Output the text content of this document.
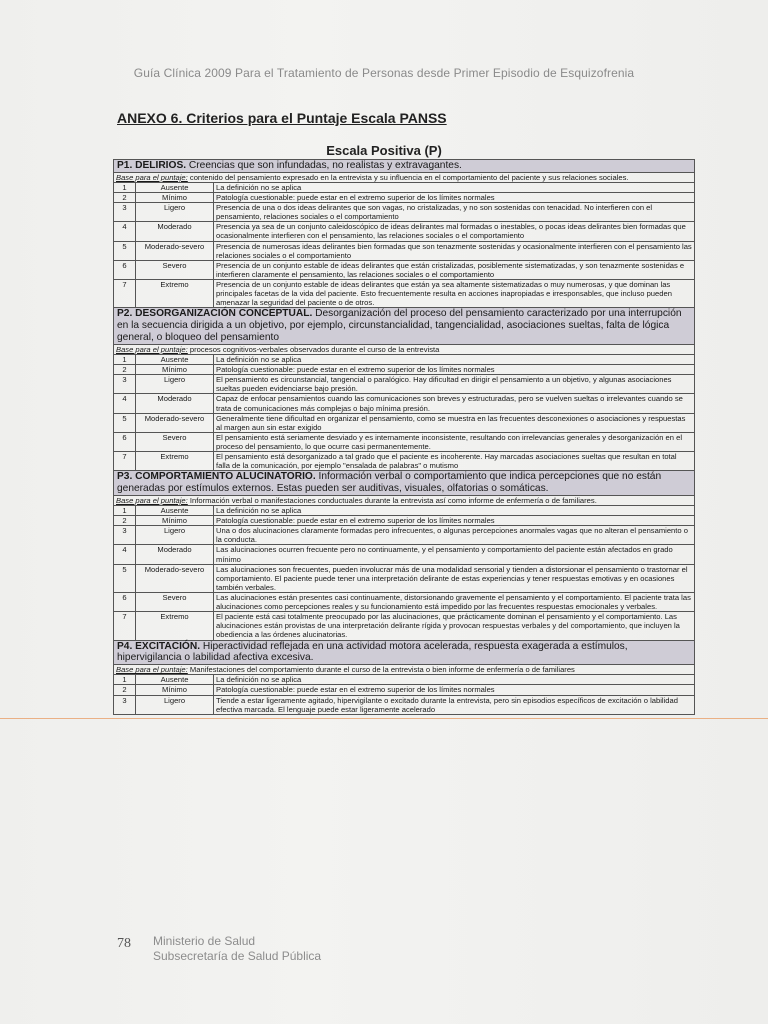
Guía Clínica 2009 Para el Tratamiento de Personas desde Primer Episodio de Esquizofrenia
ANEXO 6. Criterios para el Puntaje Escala PANSS
Escala Positiva (P)
P1. DELIRIOS. Creencias que son infundadas, no realistas y extravagantes.		
Base para el puntaje: contenido del pensamiento expresado en la entrevista y su influencia en el comportamiento del paciente y sus relaciones sociales.		
1	Ausente	La definición no se aplica
2	Mínimo	Patología cuestionable: puede estar en el extremo superior de los límites normales
3	Ligero	Presencia de una o dos ideas delirantes que son vagas, no cristalizadas, y no son sostenidas con tenacidad. No interfieren con el pensamiento, relaciones sociales o el comportamiento
4	Moderado	Presencia ya sea de un conjunto caleidoscópico de ideas delirantes mal formadas o inestables, o pocas ideas delirantes bien formadas que ocasionalmente interfieren con el pensamiento, las relaciones sociales o el comportamiento
5	Moderado-severo	Presencia de numerosas ideas delirantes bien formadas que son tenazmente sostenidas y ocasionalmente interfieren con el pensamiento las relaciones sociales o el comportamiento
6	Severo	Presencia de un conjunto estable de ideas delirantes que están cristalizadas, posiblemente sistematizadas, y son tenazmente sostenidas e interfieren claramente el pensamiento, las relaciones sociales o el comportamiento
7	Extremo	Presencia de un conjunto estable de ideas delirantes que están ya sea altamente sistematizadas o muy numerosas, y que dominan las principales facetas de la vida del paciente. Esto frecuentemente resulta en acciones inapropiadas e irresponsables, que incluso pueden amenazar la seguridad del paciente o de otros.
P2. DESORGANIZACIÓN CONCEPTUAL. Desorganización del proceso del pensamiento caracterizado por una interrupción en la secuencia dirigida a un objetivo, por ejemplo, circunstancialidad, tangencialidad, asociaciones sueltas, falta de lógica general, o bloqueo del pensamiento		
Base para el puntaje: procesos cognitivos-verbales observados durante el curso de la entrevista		
1	Ausente	La definición no se aplica
2	Mínimo	Patología cuestionable: puede estar en el extremo superior de los límites normales
3	Ligero	El pensamiento es circunstancial, tangencial o paralógico. Hay dificultad en dirigir el pensamiento a un objetivo, y algunas asociaciones sueltas pueden evidenciarse bajo presión.
4	Moderado	Capaz de enfocar pensamientos cuando las comunicaciones son breves y estructuradas, pero se vuelven sueltas o irrelevantes cuando se trata de comunicaciones más complejas o bajo mínima presión.
5	Moderado-severo	Generalmente tiene dificultad en organizar el pensamiento, como se muestra en las frecuentes desconexiones o asociaciones y respuestas al margen aun sin estar exigido
6	Severo	El pensamiento está seriamente desviado y es internamente inconsistente, resultando con irrelevancias generales y desorganización en el proceso del pensamiento, lo que ocurre casi permanentemente.
7	Extremo	El pensamiento está desorganizado a tal grado que el paciente es incoherente. Hay marcadas asociaciones sueltas que resultan en total falla de la comunicación, por ejemplo "ensalada de palabras" o mutismo
P3. COMPORTAMIENTO ALUCINATORIO. Información verbal o comportamiento que indica percepciones que no están generadas por estímulos externos. Estas pueden ser auditivas, visuales, olfatorias o somáticas.		
Base para el puntaje: Información verbal o manifestaciones conductuales durante la entrevista así como informe de enfermería o de familiares.		
1	Ausente	La definición no se aplica
2	Mínimo	Patología cuestionable: puede estar en el extremo superior de los límites normales
3	Ligero	Una o dos alucinaciones claramente formadas pero infrecuentes, o algunas percepciones anormales vagas que no alteran el pensamiento o la conducta.
4	Moderado	Las alucinaciones ocurren frecuente pero no continuamente, y el pensamiento y comportamiento del paciente están afectados en grado mínimo
5	Moderado-severo	Las alucinaciones son frecuentes, pueden involucrar más de una modalidad sensorial y tienden a distorsionar el pensamiento o trastornar el comportamiento. El paciente puede tener una interpretación delirante de estas experiencias y tener respuestas emotivas y en ocasiones también verbales.
6	Severo	Las alucinaciones están presentes casi continuamente, distorsionando gravemente el pensamiento y el comportamiento. El paciente trata las alucinaciones como percepciones reales y su funcionamiento está impedido por las frecuentes respuestas emocionales y verbales.
7	Extremo	El paciente está casi totalmente preocupado por las alucinaciones, que prácticamente dominan el pensamiento y el comportamiento. Las alucinaciones están provistas de una interpretación delirante rígida y provocan respuestas verbales y del comportamiento, que incluyen la obediencia a las órdenes alucinatorias.
P4. EXCITACIÓN. Hiperactividad reflejada en una actividad motora acelerada, respuesta exagerada a estímulos, hipervigilancia o labilidad afectiva excesiva.		
Base para el puntaje: Manifestaciones del comportamiento durante el curso de la entrevista o bien informe de enfermería o de familiares		
1	Ausente	La definición no se aplica
2	Mínimo	Patología cuestionable: puede estar en el extremo superior de los límites normales
3	Ligero	Tiende a estar ligeramente agitado, hipervigilante o excitado durante la entrevista, pero sin episodios específicos de excitación o labilidad efectiva marcada. El lenguaje puede estar ligeramente acelerado
78 Ministerio de Salud
Subsecretaría de Salud Pública
